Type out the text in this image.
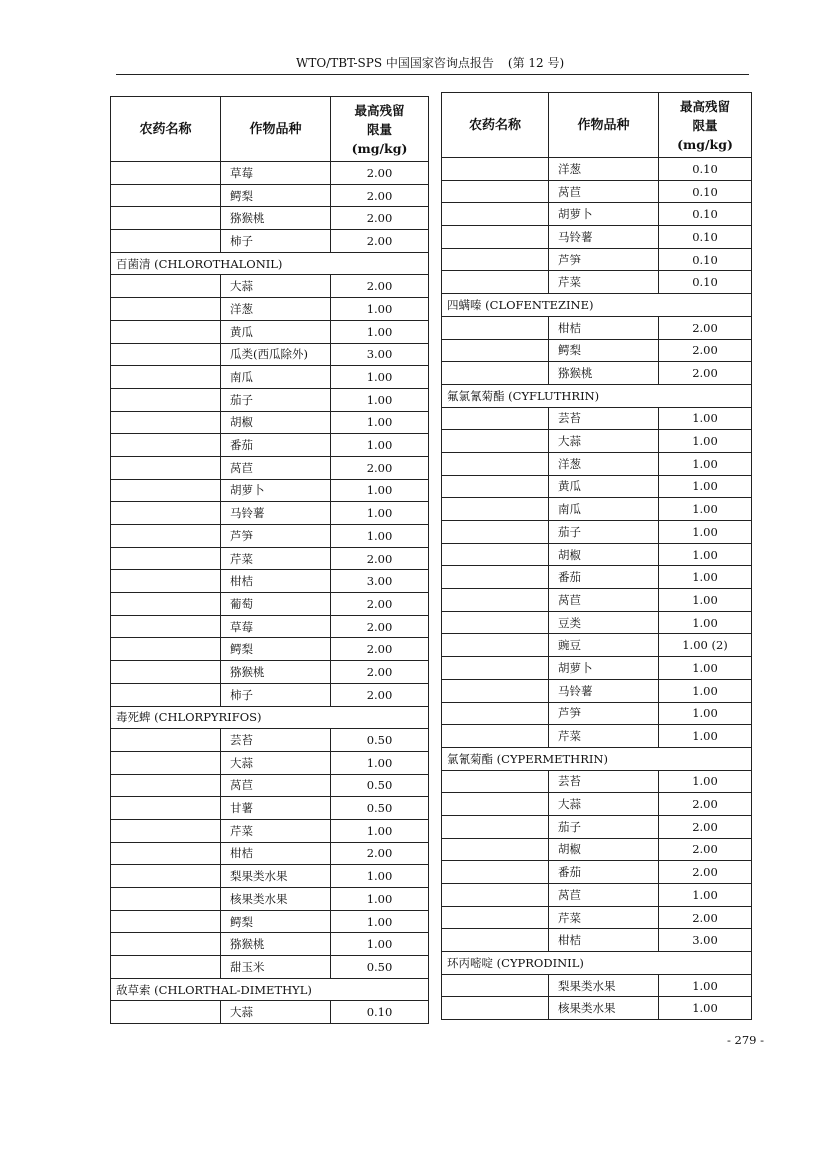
WTO/TBT-SPS 中国国家咨询点报告 (第 12 号)
农药名称	作物品种	最高残留
限量
(mg/kg)
	草莓	2.00
	鳄梨	2.00
	猕猴桃	2.00
	柿子	2.00
百菌清 (CHLOROTHALONIL)		
	大蒜	2.00
	洋葱	1.00
	黄瓜	1.00
	瓜类(西瓜除外)	3.00
	南瓜	1.00
	茄子	1.00
	胡椒	1.00
	番茄	1.00
	莴苣	2.00
	胡萝卜	1.00
	马铃薯	1.00
	芦笋	1.00
	芹菜	2.00
	柑桔	3.00
	葡萄	2.00
	草莓	2.00
	鳄梨	2.00
	猕猴桃	2.00
	柿子	2.00
毒死蜱 (CHLORPYRIFOS)		
	芸苔	0.50
	大蒜	1.00
	莴苣	0.50
	甘薯	0.50
	芹菜	1.00
	柑桔	2.00
	梨果类水果	1.00
	核果类水果	1.00
	鳄梨	1.00
	猕猴桃	1.00
	甜玉米	0.50
敌草索 (CHLORTHAL-DIMETHYL)		
	大蒜	0.10
农药名称	作物品种	最高残留
限量
(mg/kg)
	洋葱	0.10
	莴苣	0.10
	胡萝卜	0.10
	马铃薯	0.10
	芦笋	0.10
	芹菜	0.10
四螨嗪 (CLOFENTEZINE)		
	柑桔	2.00
	鳄梨	2.00
	猕猴桃	2.00
氟氯氰菊酯 (CYFLUTHRIN)		
	芸苔	1.00
	大蒜	1.00
	洋葱	1.00
	黄瓜	1.00
	南瓜	1.00
	茄子	1.00
	胡椒	1.00
	番茄	1.00
	莴苣	1.00
	豆类	1.00
	豌豆	1.00 (2)
	胡萝卜	1.00
	马铃薯	1.00
	芦笋	1.00
	芹菜	1.00
氯氰菊酯 (CYPERMETHRIN)		
	芸苔	1.00
	大蒜	2.00
	茄子	2.00
	胡椒	2.00
	番茄	2.00
	莴苣	1.00
	芹菜	2.00
	柑桔	3.00
环丙嘧啶 (CYPRODINIL)		
	梨果类水果	1.00
	核果类水果	1.00
- 279 -
